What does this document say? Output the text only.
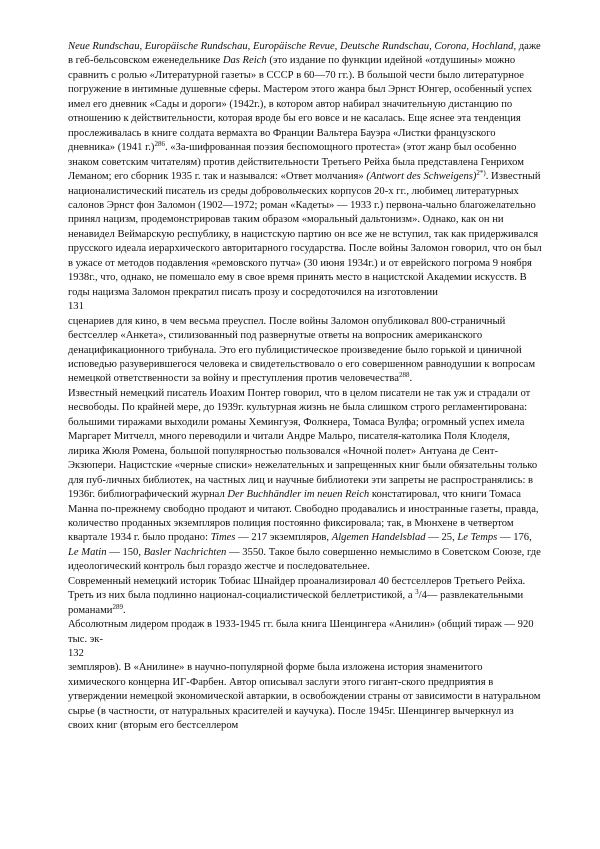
Neue Rundschau, Europäische Rundschau, Europäische Revue, Deutsche Rundschau, Corona, Hochland, даже в геб-бельсовском еженедельнике Das Reich (это издание по функции идейной «отдушины» можно сравнить с ролью «Литературной газеты» в СССР в 60—70 гг.). В большой чести было литературное погружение в интимные душевные сферы. Мастером этого жанра был Эрнст Юнгер, особенный успех имел его дневник «Сады и дороги» (1942г.), в котором автор набирал значительную дистанцию по отношению к действительности, которая вроде бы его вовсе и не касалась. Еще яснее эта тенденция прослеживалась в книге солдата вермахта во Франции Вальтера Бауэра «Листки французского дневника» (1941 г.)$^{286}$. «За-шифрованная поэзия беспомощного протеста» (этот жанр был особенно знаком советским читателям) против действительности Третьего Рейха была представлена Генрихом Леманом; его сборник 1935 г. так и назывался: «Ответ молчания» (Antwort des Schweigens)$^{2*)}$. Известный националистический писатель из среды добровольческих корпусов 20-х гг., любимец литературных салонов Эрнст фон Заломон (1902—1972; роман «Кадеты» — 1933 г.) первона-чально благожелательно принял нацизм, продемонстрировав таким образом «моральный дальтонизм». Однако, как он ни ненавидел Веймарскую республику, в нацистскую партию он все же не вступил, так как придерживался прусского идеала иерархического авторитарного государства. После войны Заломон говорил, что он был в ужасе от методов подавления «ремовского путча» (30 июня 1934г.) и от еврейского погрома 9 ноября 1938г., что, однако, не помешало ему в свое время принять место в нацистской Академии искусств. В годы нацизма Заломон прекратил писать прозу и сосредоточился на изготовлении

131

сценариев для кино, в чем весьма преуспел. После войны Заломон опубликовал 800-страничный бестселлер «Анкета», стилизованный под развернутые ответы на вопросник американского денацификационного трибунала. Это его публицистическое произведение было горькой и циничной исповедью разуверившегося человека и свидетельствовало о его совершенном равнодушии к вопросам немецкой ответственности за войну и преступления против человечества$^{288}$.

Известный немецкий писатель Иоахим Понтер говорил, что в целом писатели не так уж и страдали от несвободы. По крайней мере, до 1939г. культурная жизнь не была слишком строго регламентирована: большими тиражами выходили романы Хемингуэя, Фолкнера, Томаса Вулфа; огромный успех имела Маргарет Митчелл, много переводили и читали Андре Мальро, писателя-католика Поля Клоделя, лирика Жюля Ромена, большой популярностью пользовался «Ночной полет» Антуана де Сент-Экзюпери. Нацистские «черные списки» нежелательных и запрещенных книг были обязательны только для пуб-личных библиотек, на частных лиц и научные библиотеки эти запреты не распространялись: в 1936г. библиографический журнал Der Buchhändler im neuen Reich констатировал, что книги Томаса Манна по-прежнему свободно продают и читают. Свободно продавались и иностранные газеты, правда, количество проданных экземпляров полиция постоянно фиксировала; так, в Мюнхене в четвертом квартале 1934 г. было продано: Times — 217 экземпляров, Algemen Handelsblad — 25, Le Temps — 176, Le Matin — 150, Basler Nachrichten — 3550. Такое было совершенно немыслимо в Советском Союзе, где идеологический контроль был гораздо жестче и последовательнее.

Современный немецкий историк Тобиас Шнайдер проанализировал 40 бестселлеров Третьего Рейха. Треть из них была подлинно национал-социалистической беллетристикой, а $^3$/4— развлекательными романами$^{289}$.

Абсолютным лидером продаж в 1933-1945 гг. была книга Шенцингера «Анилин» (общий тираж — 920 тыс. эк-

132

земпляров). В «Анилине» в научно-популярной форме была изложена история знаменитого химического концерна ИГ-Фарбен. Автор описывал заслуги этого гигант-ского предприятия в утверждении немецкой экономической автаркии, в освобождении страны от зависимости в натуральном сырье (в частности, от натуральных красителей и каучука). После 1945г. Шенцингер вычеркнул из своих книг (вторым его бестселлером
